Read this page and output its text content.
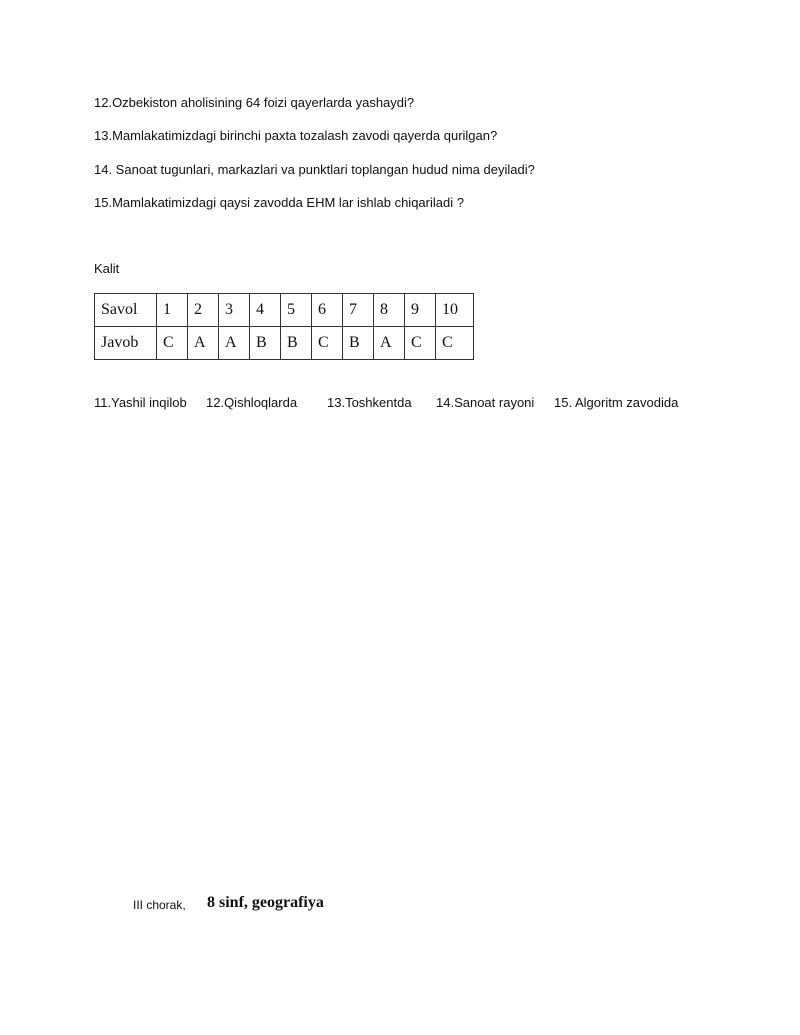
12.Ozbekiston aholisining 64 foizi qayerlarda yashaydi?
13.Mamlakatimizdagi birinchi paxta tozalash zavodi qayerda qurilgan?
14. Sanoat tugunlari, markazlari va punktlari toplangan hudud nima deyiladi?
15.Mamlakatimizdagi qaysi zavodda EHM lar ishlab chiqariladi ?
Kalit
Savol	1	2	3	4	5	6	7	8	9	10
Javob	C	A	A	B	B	C	B	A	C	C
11.Yashil inqilob 12.Qishloqlarda 13.Toshkentda 14.Sanoat rayoni 15. Algoritm zavodida
III chorak, 8 sinf, geografiya
